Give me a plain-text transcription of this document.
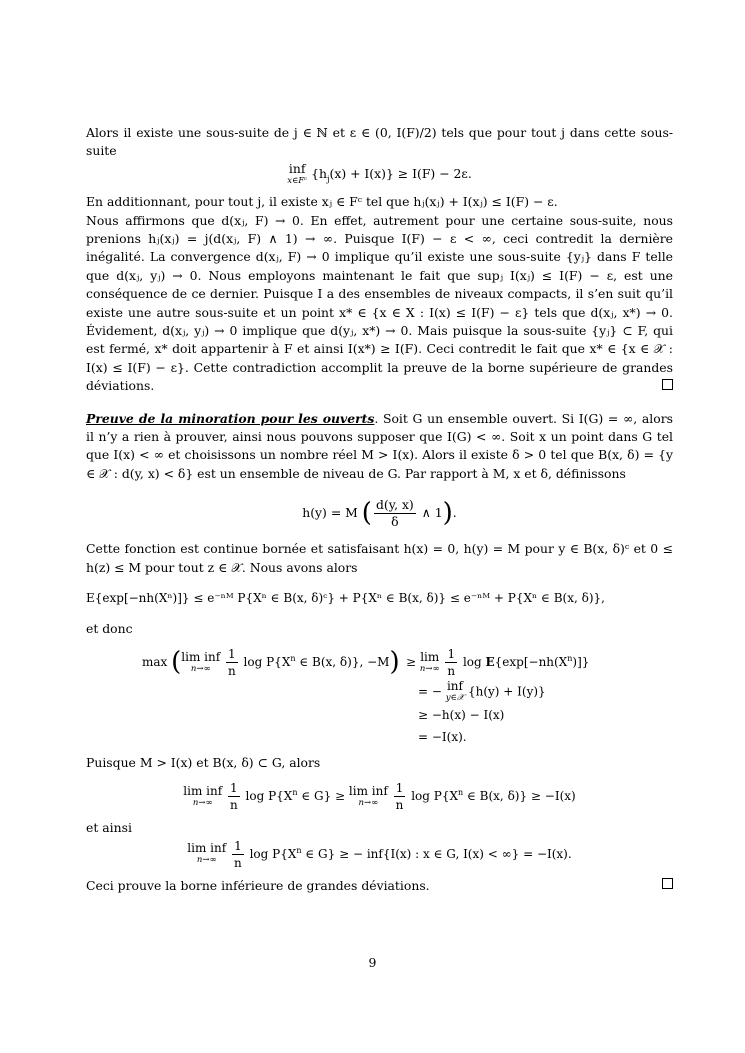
Alors il existe une sous-suite de j ∈ ℕ et ε ∈ (0, I(F)/2) tels que pour tout j dans cette sous-suite

inf
x∈Fᶜ $\{h_j(x) + I(x)\} \ge I(F) - 2\varepsilon$.

En additionnant, pour tout j, il existe xⱼ ∈ Fᶜ tel que hⱼ(xⱼ) + I(xⱼ) ≤ I(F) − ε.

Nous affirmons que d(xⱼ, F) → 0. En effet, autrement pour une certaine sous-suite, nous prenions hⱼ(xⱼ) = j(d(xⱼ, F) ∧ 1) → ∞. Puisque I(F) − ε < ∞, ceci contredit la dernière inégalité. La convergence d(xⱼ, F) → 0 implique qu’il existe une sous-suite {yⱼ} dans F telle que d(xⱼ, yⱼ) → 0. Nous employons maintenant le fait que supⱼ I(xⱼ) ≤ I(F) − ε, est une conséquence de ce dernier. Puisque I a des ensembles de niveaux compacts, il s’en suit qu’il existe une autre sous-suite et un point x* ∈ {x ∈ X : I(x) ≤ I(F) − ε} tels que d(xⱼ, x*) → 0. Évidement, d(xⱼ, yⱼ) → 0 implique que d(yⱼ, x*) → 0. Mais puisque la sous-suite {yⱼ} ⊂ F, qui est fermé, x* doit appartenir à F et ainsi I(x*) ≥ I(F). Ceci contredit le fait que x* ∈ {x ∈ 𝒳 : I(x) ≤ I(F) − ε}. Cette contradiction accomplit la preuve de la borne supérieure de grandes déviations.

Preuve de la minoration pour les ouverts. Soit G un ensemble ouvert. Si I(G) = ∞, alors il n’y a rien à prouver, ainsi nous pouvons supposer que I(G) < ∞. Soit x un point dans G tel que I(x) < ∞ et choisissons un nombre réel M > I(x). Alors il existe δ > 0 tel que B(x, δ) = {y ∈ 𝒳 : d(y, x) < δ} est un ensemble de niveau de G. Par rapport à M, x et δ, définissons

h(y) = M ( $\frac{d(y, x)}{\delta}$ ∧ 1).

Cette fonction est continue bornée et satisfaisant h(x) = 0, h(y) = M pour y ∈ B(x, δ)ᶜ et 0 ≤ h(z) ≤ M pour tout z ∈ 𝒳. Nous avons alors

E{exp[−nh(Xⁿ)]} ≤ e⁻ⁿᴹ P{Xⁿ ∈ B(x, δ)ᶜ} + P{Xⁿ ∈ B(x, δ)} ≤ e⁻ⁿᴹ + P{Xⁿ ∈ B(x, δ)},

et donc

max ( lim inf
n→∞
$\frac{1}{n}$ $\log P\{X^n$ ∈ B(x, δ)}, −M) ≥ lim
n→∞
$\frac{1}{n}$ $\log E\{\exp[-nh(X^n)]\}$
= − inf
y∈𝒳 {h(y) + I(y)}
≥ −h(x) − I(x)
= −I(x).

Puisque M > I(x) et B(x, δ) ⊂ G, alors

lim inf
n→∞
$\frac{1}{n}$ $\log P\{X^n$ ∈ G} ≥ lim inf
n→∞
$\frac{1}{n}$ $\log P\{X^n$ ∈ B(x, δ)} ≥ −I(x)

et ainsi

lim inf
n→∞
$\frac{1}{n}$ $\log P\{X^n$ ∈ G} ≥ − inf{I(x) : x ∈ G, I(x) < ∞} = −I(x).

Ceci prouve la borne inférieure de grandes déviations.

9
